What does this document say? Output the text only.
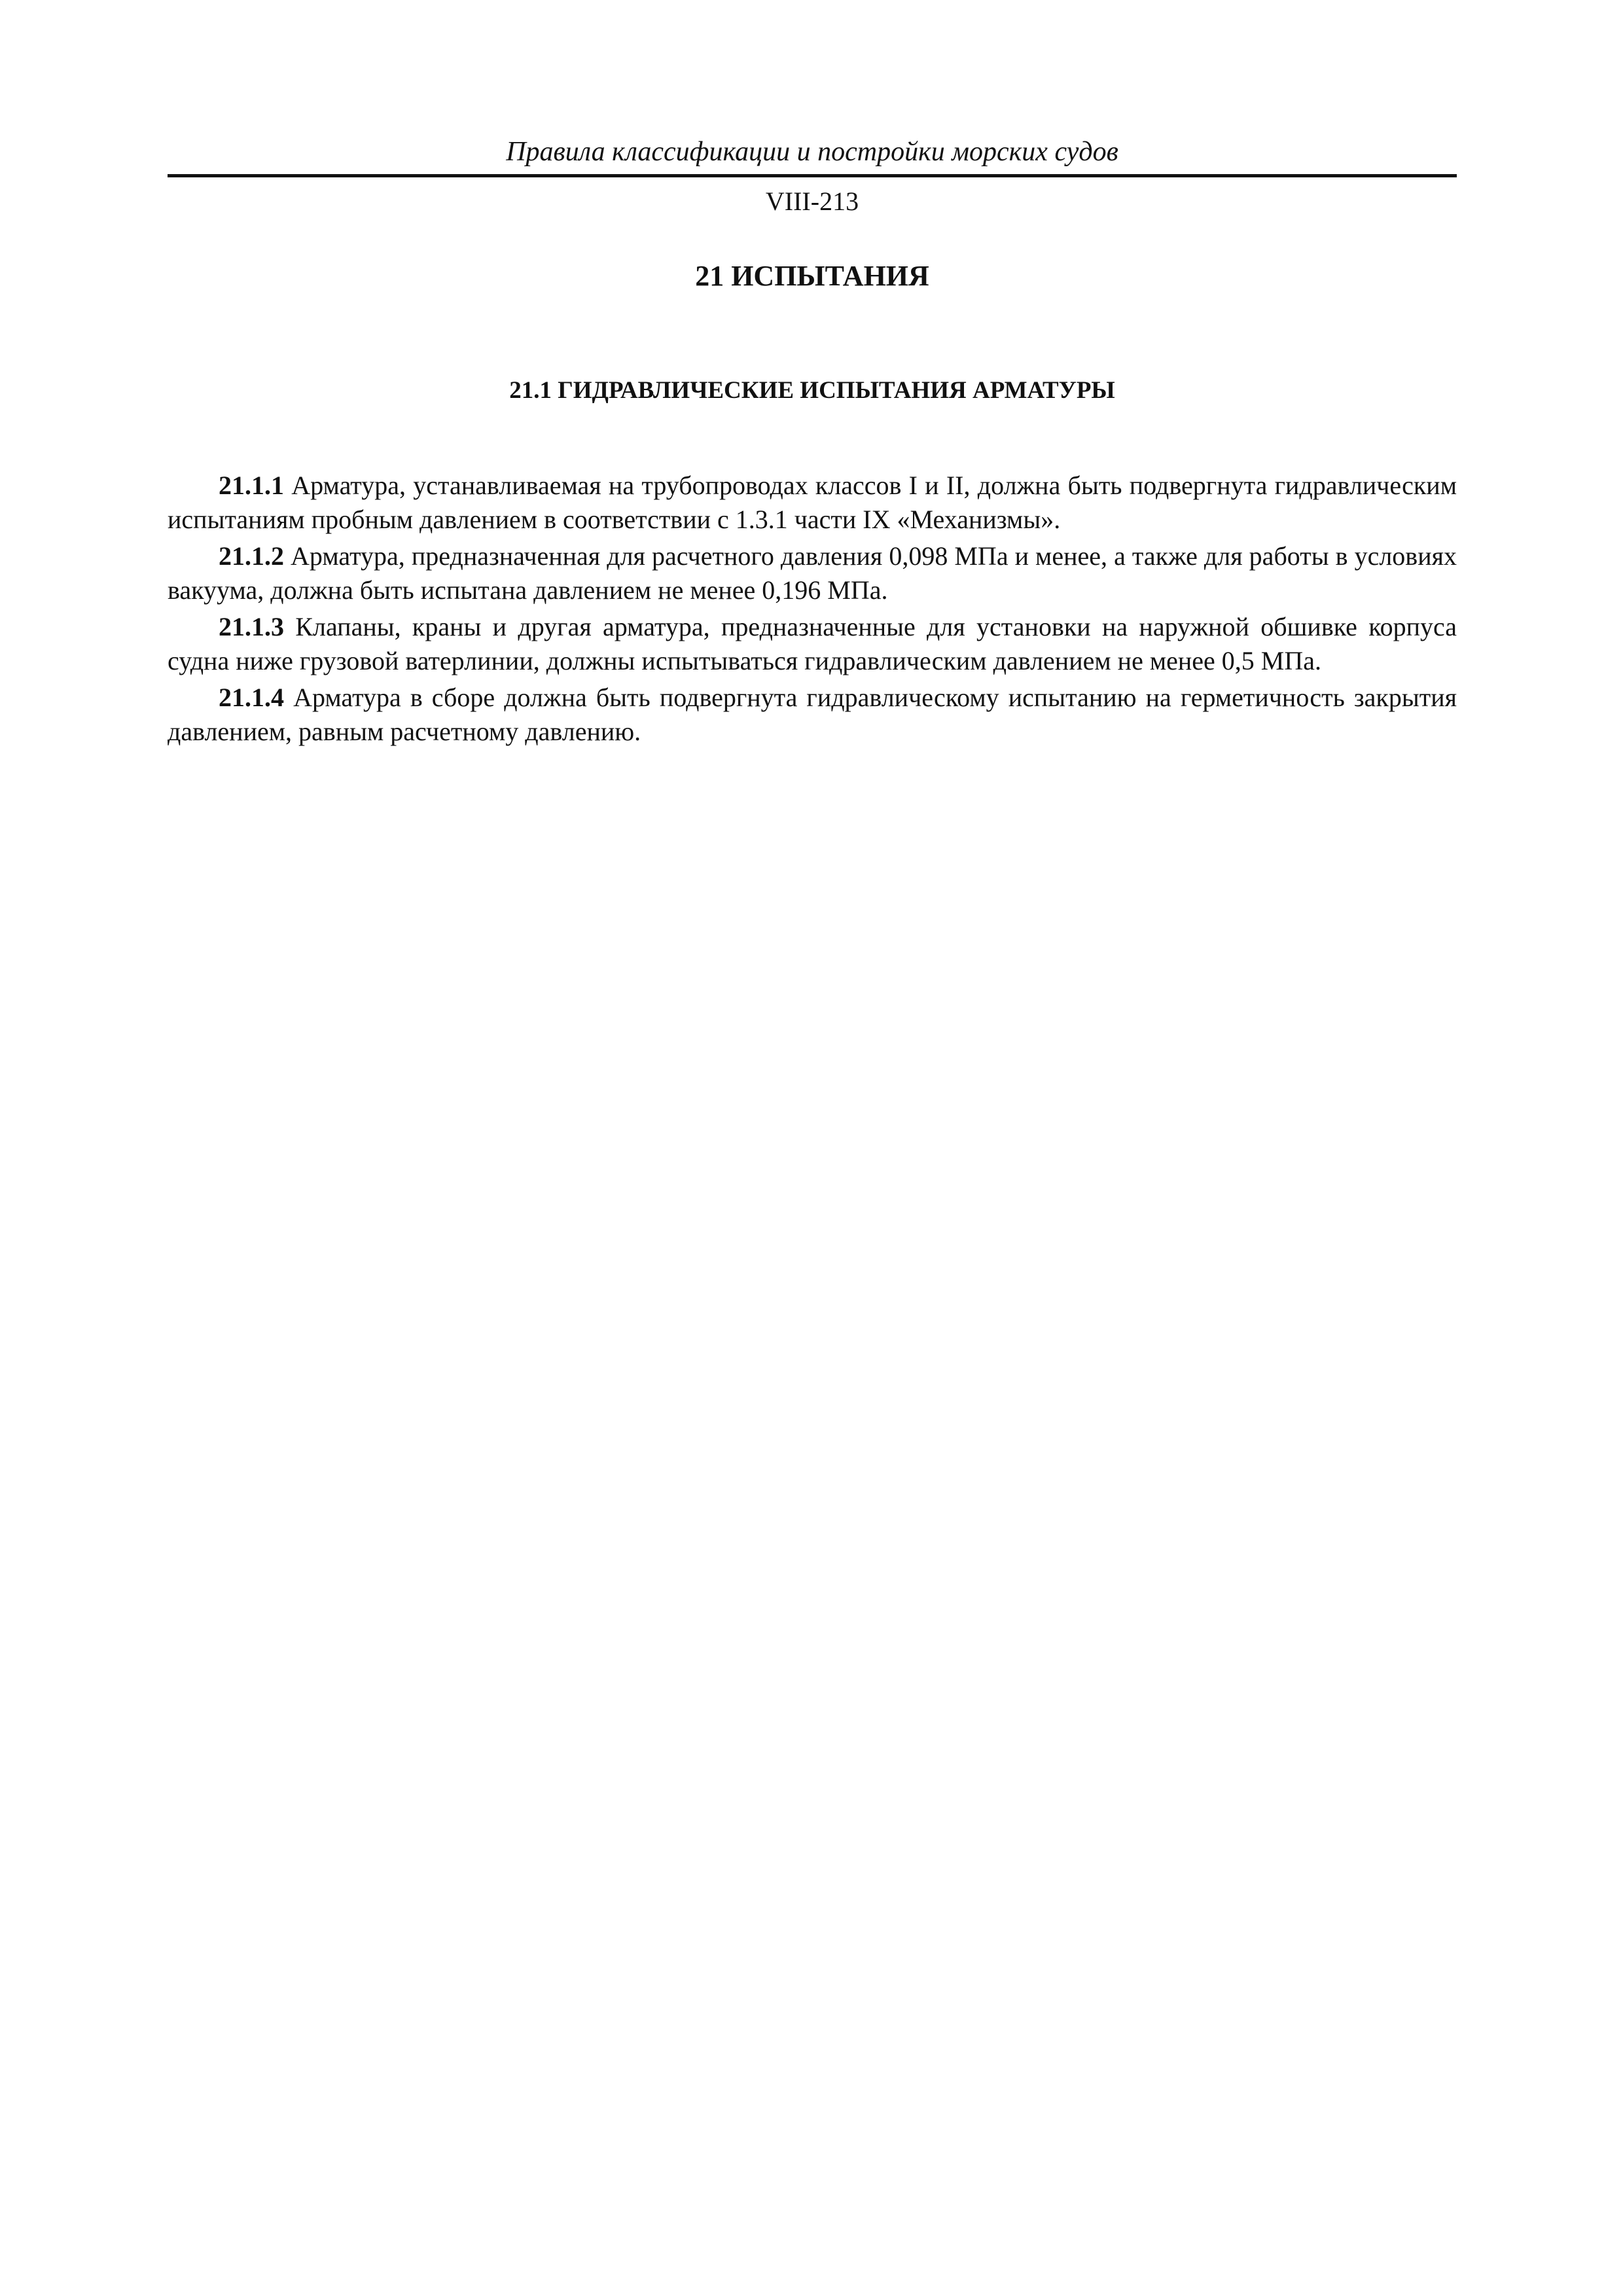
Правила классификации и постройки морских судов
VIII-213
21 ИСПЫТАНИЯ
21.1 ГИДРАВЛИЧЕСКИЕ ИСПЫТАНИЯ АРМАТУРЫ

21.1.1 Арматура, устанавливаемая на трубопроводах классов I и II, должна быть подвергнута гидравлическим испытаниям пробным давлением в соответствии с 1.3.1 части IX «Механизмы».

21.1.2 Арматура, предназначенная для расчетного давления 0,098 МПа и менее, а также для работы в условиях вакуума, должна быть испытана давлением не менее 0,196 МПа.

21.1.3 Клапаны, краны и другая арматура, предназначенные для установки на наружной обшивке корпуса судна ниже грузовой ватерлинии, должны испытываться гидравлическим давлением не менее 0,5 МПа.

21.1.4 Арматура в сборе должна быть подвергнута гидравлическому испытанию на герметичность закрытия давлением, равным расчетному давлению.
